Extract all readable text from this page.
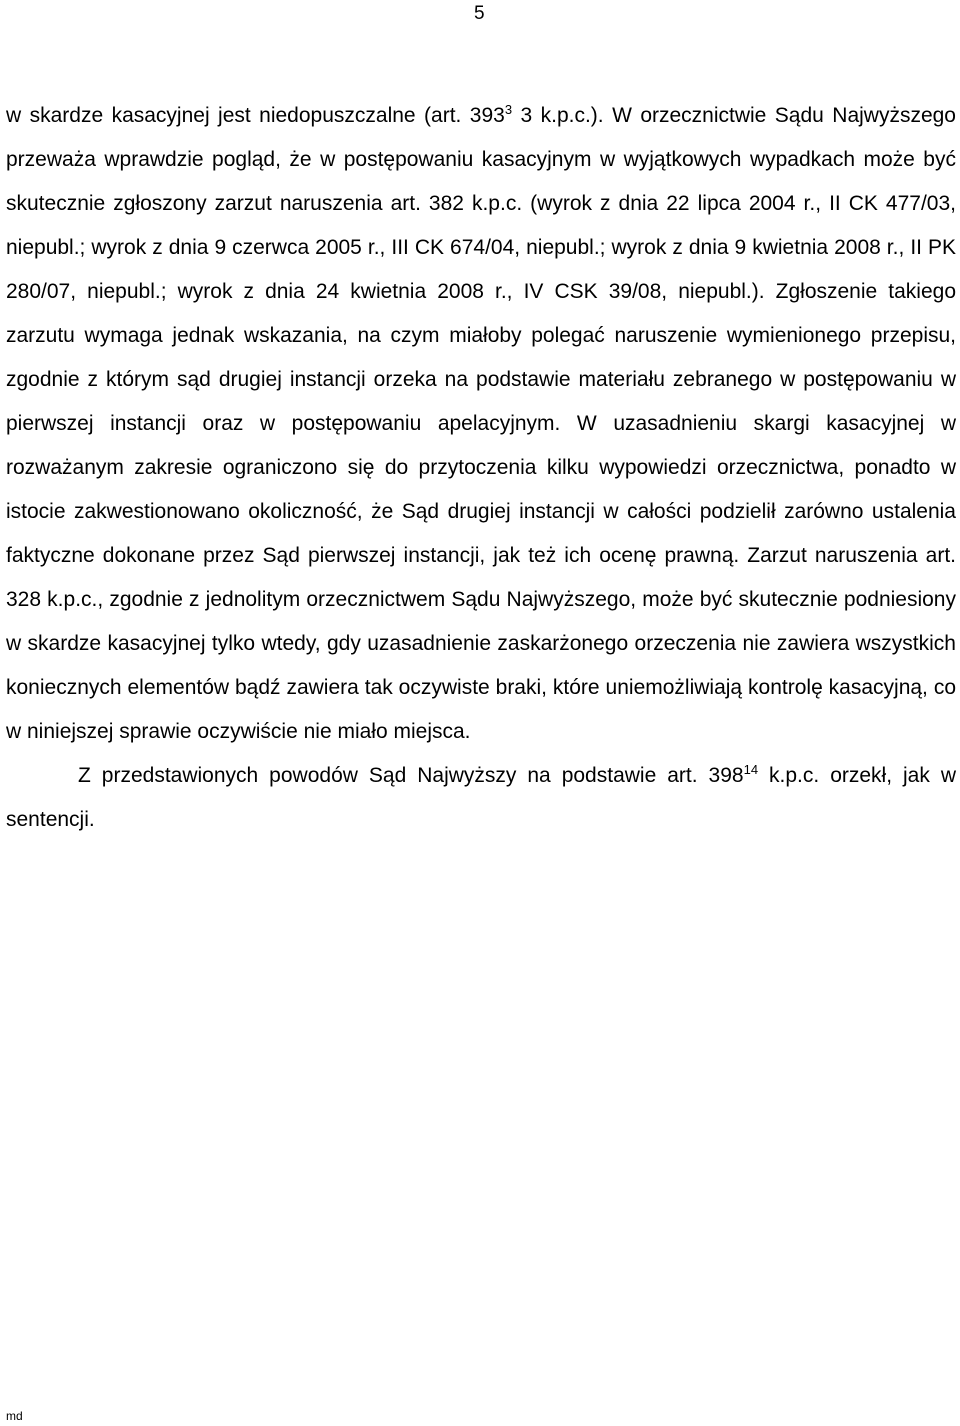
5

w skardze kasacyjnej jest niedopuszczalne (art. $393^3$ 3 k.p.c.). W orzecznictwie Sądu Najwyższego przeważa wprawdzie pogląd, że w postępowaniu kasacyjnym w wyjątkowych wypadkach może być skutecznie zgłoszony zarzut naruszenia art. 382 k.p.c. (wyrok z dnia 22 lipca 2004 r., II CK 477/03, niepubl.; wyrok z dnia 9 czerwca 2005 r., III CK 674/04, niepubl.; wyrok z dnia 9 kwietnia 2008 r., II PK 280/07, niepubl.; wyrok z dnia 24 kwietnia 2008 r., IV CSK 39/08, niepubl.). Zgłoszenie takiego zarzutu wymaga jednak wskazania, na czym miałoby polegać naruszenie wymienionego przepisu, zgodnie z którym sąd drugiej instancji orzeka na podstawie materiału zebranego w postępowaniu w pierwszej instancji oraz w postępowaniu apelacyjnym. W uzasadnieniu skargi kasacyjnej w rozważanym zakresie ograniczono się do przytoczenia kilku wypowiedzi orzecznictwa, ponadto w istocie zakwestionowano okoliczność, że Sąd drugiej instancji w całości podzielił zarówno ustalenia faktyczne dokonane przez Sąd pierwszej instancji, jak też ich ocenę prawną. Zarzut naruszenia art. 328 k.p.c., zgodnie z jednolitym orzecznictwem Sądu Najwyższego, może być skutecznie podniesiony w skardze kasacyjnej tylko wtedy, gdy uzasadnienie zaskarżonego orzeczenia nie zawiera wszystkich koniecznych elementów bądź zawiera tak oczywiste braki, które uniemożliwiają kontrolę kasacyjną, co w niniejszej sprawie oczywiście nie miało miejsca.

Z przedstawionych powodów Sąd Najwyższy na podstawie art. $398^{14}$ k.p.c. orzekł, jak w sentencji.

md
